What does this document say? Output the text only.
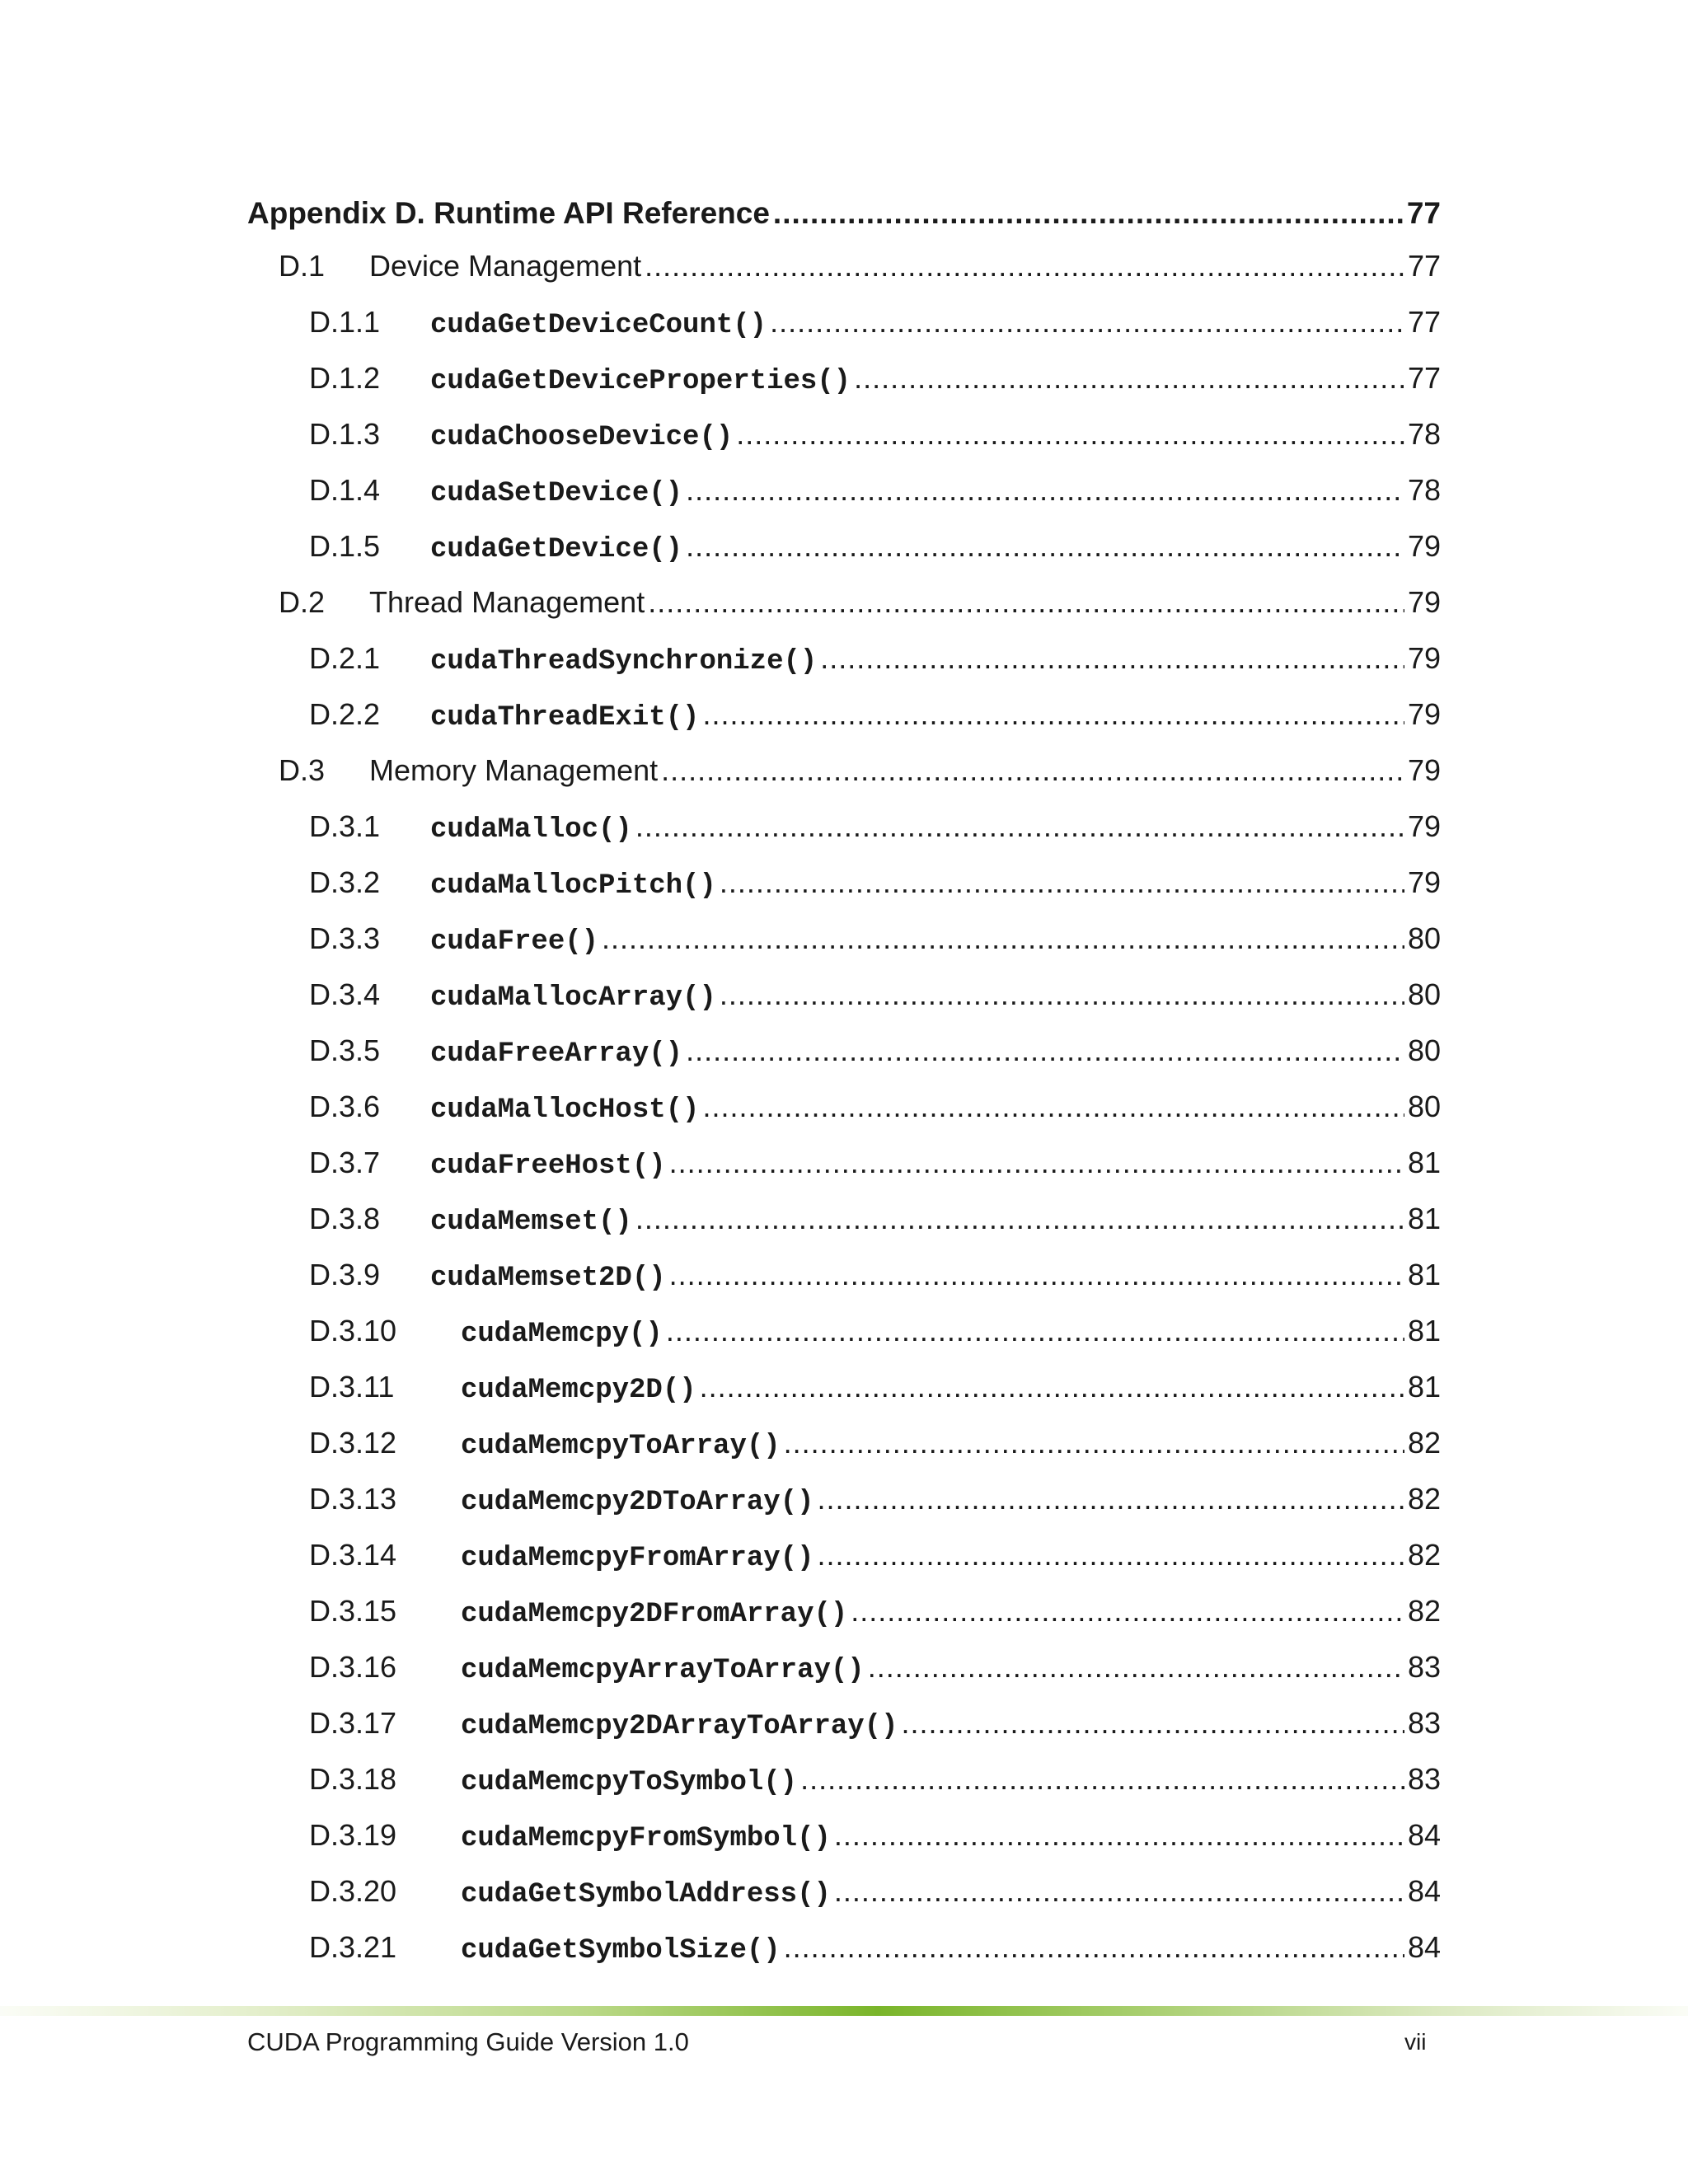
Appendix D. Runtime API Reference .....	77
D.1	Device Management .....	77
D.1.1	cudaGetDeviceCount() .....	77
D.1.2	cudaGetDeviceProperties() .....	77
D.1.3	cudaChooseDevice() .....	78
D.1.4	cudaSetDevice() .....	78
D.1.5	cudaGetDevice() .....	79
D.2	Thread Management .....	79
D.2.1	cudaThreadSynchronize() .....	79
D.2.2	cudaThreadExit() .....	79
D.3	Memory Management .....	79
D.3.1	cudaMalloc() .....	79
D.3.2	cudaMallocPitch() .....	79
D.3.3	cudaFree() .....	80
D.3.4	cudaMallocArray() .....	80
D.3.5	cudaFreeArray() .....	80
D.3.6	cudaMallocHost() .....	80
D.3.7	cudaFreeHost() .....	81
D.3.8	cudaMemset() .....	81
D.3.9	cudaMemset2D() .....	81
D.3.10	cudaMemcpy() .....	81
D.3.11	cudaMemcpy2D() .....	81
D.3.12	cudaMemcpyToArray() .....	82
D.3.13	cudaMemcpy2DToArray() .....	82
D.3.14	cudaMemcpyFromArray() .....	82
D.3.15	cudaMemcpy2DFromArray() .....	82
D.3.16	cudaMemcpyArrayToArray() .....	83
D.3.17	cudaMemcpy2DArrayToArray() .....	83
D.3.18	cudaMemcpyToSymbol() .....	83
D.3.19	cudaMemcpyFromSymbol() .....	84
D.3.20	cudaGetSymbolAddress() .....	84
D.3.21	cudaGetSymbolSize() .....	84
CUDA Programming Guide Version 1.0	vii
